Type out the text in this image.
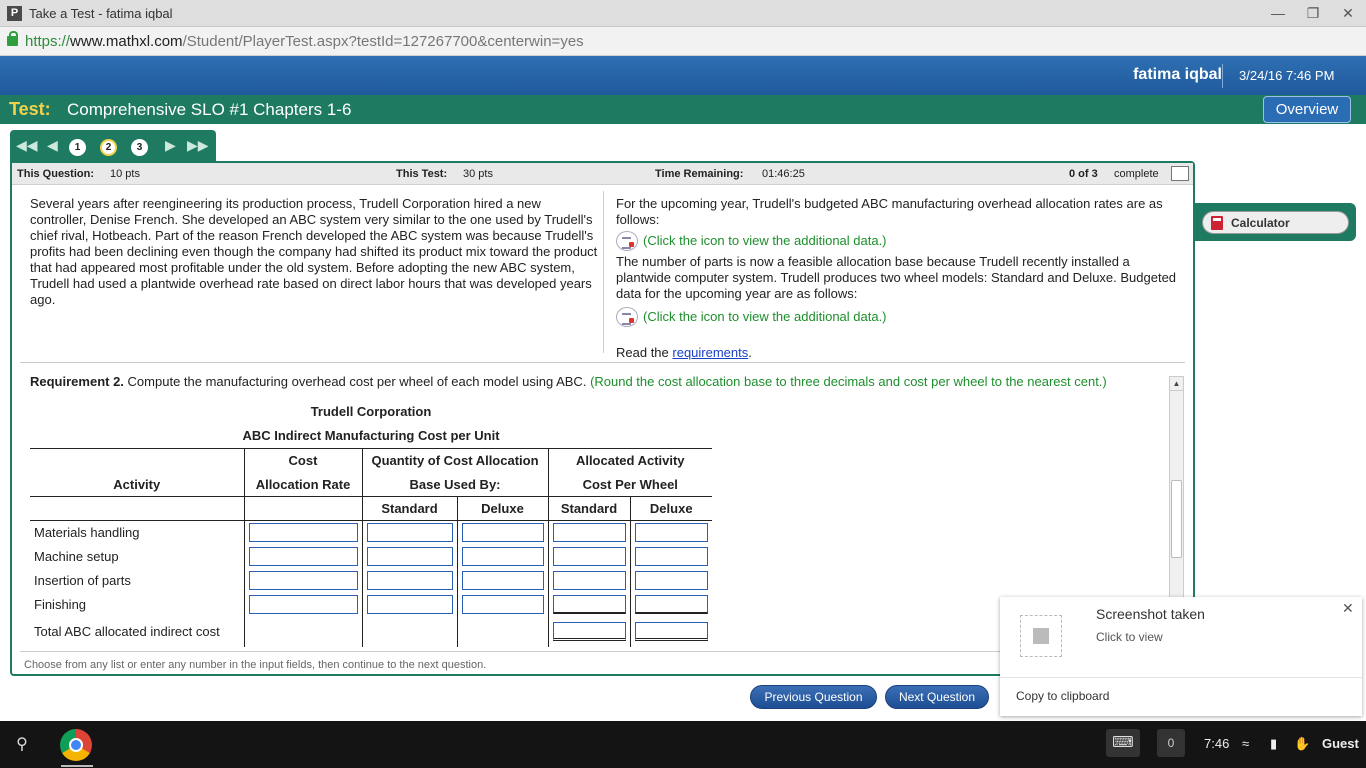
P Take a Test - fatima iqbal	—	❐	✕
https://www.mathxl.com/Student/PlayerTest.aspx?testId=127267700&centerwin=yes
fatima iqbal 3/24/16 7:46 PM
Test: Comprehensive SLO #1 Chapters 1-6	Overview
◀◀ ◀	1	2	3	▶ ▶▶
This Question: 10 pts	This Test: 30 pts	Time Remaining: 01:46:25	0 of 3 complete
Several years after reengineering its production process, Trudell Corporation hired a new controller, Denise French. She developed an ABC system very similar to the one used by Trudell's chief rival, Hotbeach. Part of the reason French developed the ABC system was because Trudell's profits had been declining even though the company had shifted its product mix toward the product that had appeared most profitable under the old system. Before adopting the new ABC system, Trudell had used a plantwide overhead rate based on direct labor hours that was developed years ago.
For the upcoming year, Trudell's budgeted ABC manufacturing overhead allocation rates are as follows:
(Click the icon to view the additional data.)
The number of parts is now a feasible allocation base because Trudell recently installed a plantwide computer system. Trudell produces two wheel models: Standard and Deluxe. Budgeted data for the upcoming year are as follows:
(Click the icon to view the additional data.)
Read the requirements.
Requirement 2. Compute the manufacturing overhead cost per wheel of each model using ABC. (Round the cost allocation base to three decimals and cost per wheel to the nearest cent.)	▲
Trudell Corporation
ABC Indirect Manufacturing Cost per Unit
	Cost	Quantity of Cost Allocation		Allocated Activity	
Activity	Allocation Rate	Base Used By:		Cost Per Wheel	
		Standard	Deluxe	Standard	Deluxe
Materials handling	

Machine setup	

Insertion of parts	

Finishing	

Total ABC allocated indirect cost				

Choose from any list or enter any number in the input fields, then continue to the next question.
Previous Question	Next Question
Calculator
Screenshot taken
Click to view
✕
Copy to clipboard
⚲	⌨	0	7:46 ≈ ▮ ✋ Guest
